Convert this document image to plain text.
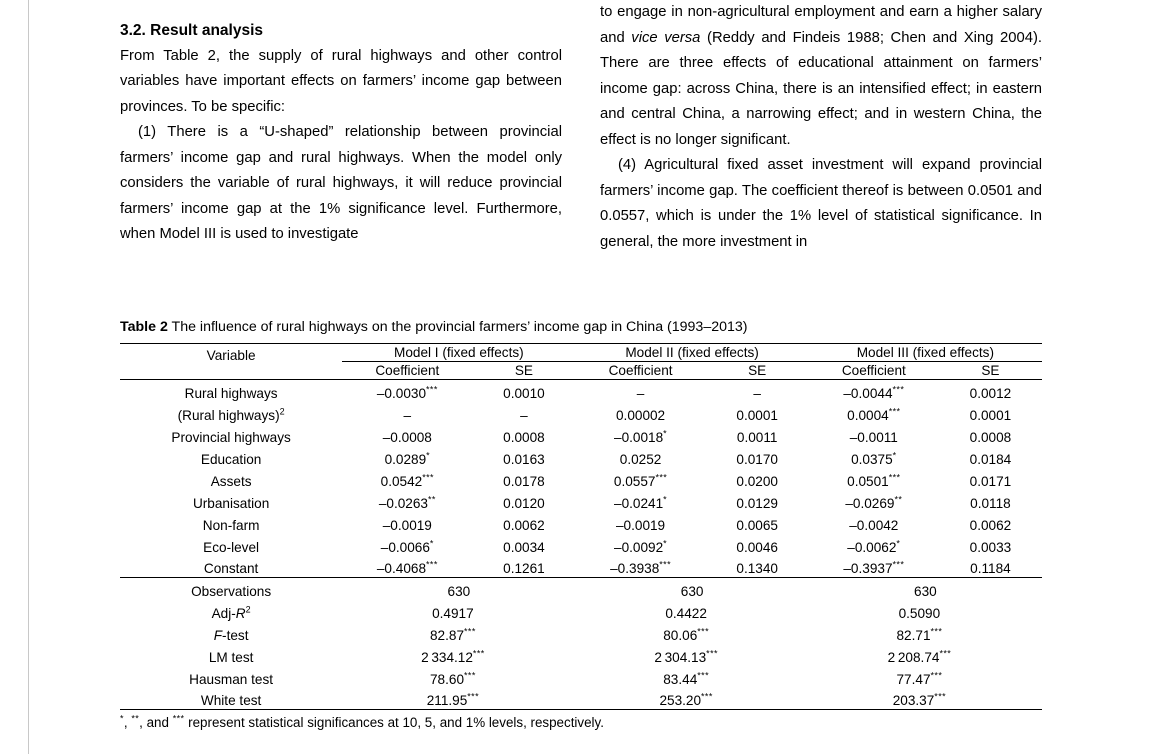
3.2. Result analysis

From Table 2, the supply of rural highways and other control variables have important effects on farmers’ income gap between provinces. To be specific:

(1) There is a “U-shaped” relationship between provincial farmers’ income gap and rural highways. When the model only considers the variable of rural highways, it will reduce provincial farmers’ income gap at the 1% significance level. Furthermore, when Model III is used to investigate

to engage in non-agricultural employment and earn a higher salary and vice versa (Reddy and Findeis 1988; Chen and Xing 2004). There are three effects of educational attainment on farmers’ income gap: across China, there is an intensified effect; in eastern and central China, a narrowing effect; and in western China, the effect is no longer significant.

(4) Agricultural fixed asset investment will expand provincial farmers’ income gap. The coefficient thereof is between 0.0501 and 0.0557, which is under the 1% level of statistical significance. In general, the more investment in

Table 2 The influence of rural highways on the provincial farmers’ income gap in China (1993–2013)
Variable	Model I (fixed effects)		Model II (fixed effects)		Model III (fixed effects)	
	Coefficient	SE	Coefficient	SE	Coefficient	SE
Rural highways	–0.0030***	0.0010	–	–	–0.0044***	0.0012
(Rural highways)$^2$	–	–	0.00002	0.0001	0.0004***	0.0001
Provincial highways	–0.0008	0.0008	–0.0018*	0.0011	–0.0011	0.0008
Education	0.0289*	0.0163	0.0252	0.0170	0.0375*	0.0184
Assets	0.0542***	0.0178	0.0557***	0.0200	0.0501***	0.0171
Urbanisation	–0.0263**	0.0120	–0.0241*	0.0129	–0.0269**	0.0118
Non-farm	–0.0019	0.0062	–0.0019	0.0065	–0.0042	0.0062
Eco-level	–0.0066*	0.0034	–0.0092*	0.0046	–0.0062*	0.0033
Constant	–0.4068***	0.1261	–0.3938***	0.1340	–0.3937***	0.1184
Observations	630		630		630	
Adj-$R^2$	0.4917		0.4422		0.5090	
F-test	82.87***		80.06***		82.71***
LM test	2 334.12***		2 304.13***		2 208.74***
Hausman test	78.60***		83.44***		77.47***
White test	211.95***		253.20***		203.37***
*, **, and *** represent statistical significances at 10, 5, and 1% levels, respectively.
